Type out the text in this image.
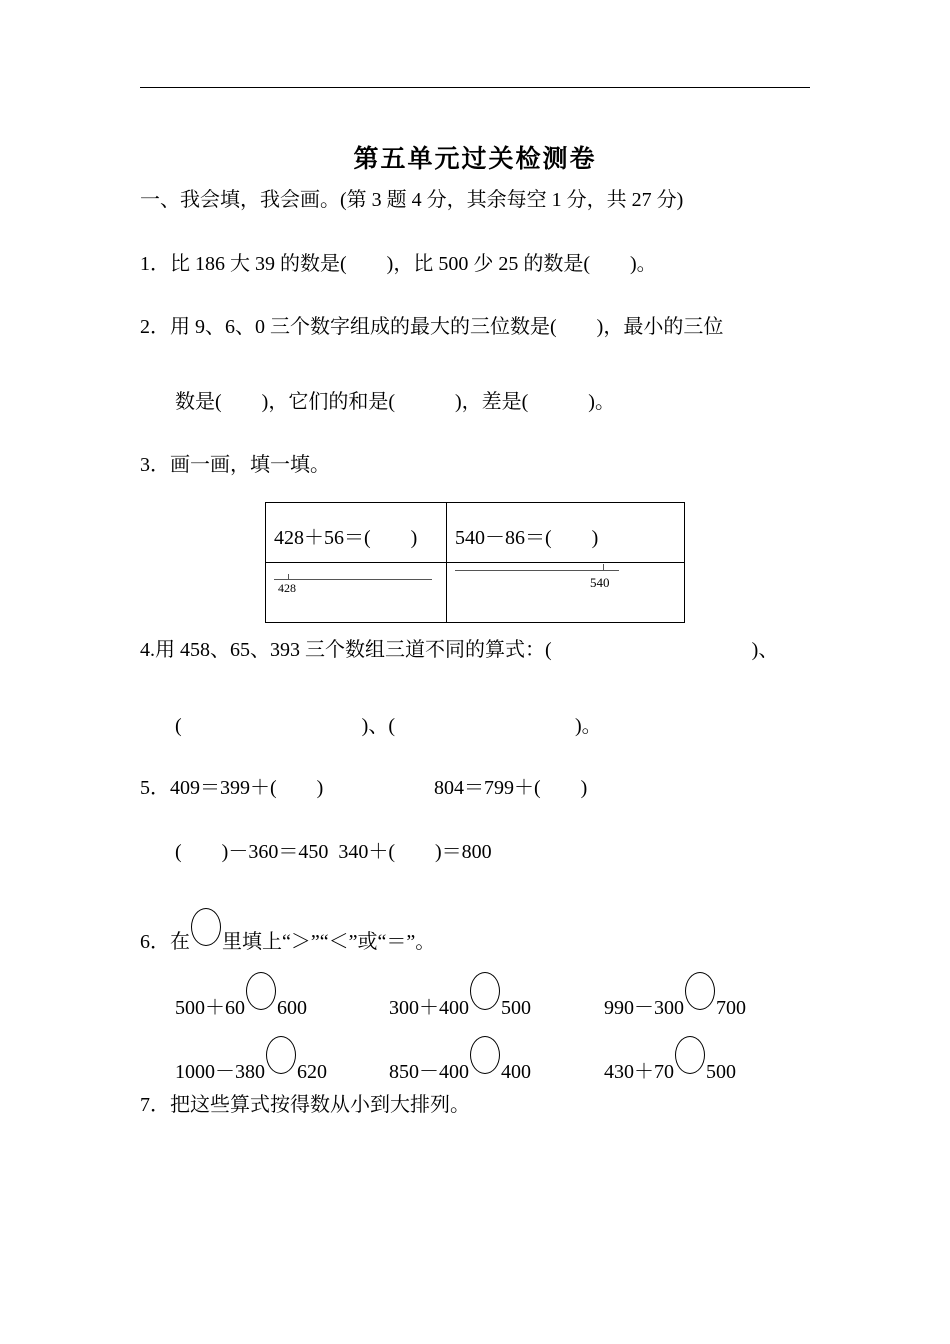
第五单元过关检测卷
一、我会填，我会画。(第 3 题 4 分，其余每空 1 分，共 27 分)
1．比 186 大 39 的数是(　　)，比 500 少 25 的数是(　　)。
2．用 9、6、0 三个数字组成的最大的三位数是(　　)，最小的三位
数是(　　)，它们的和是(　　　)，差是(　　　)。
3．画一画，填一填。
428＋56＝(　　)	540－86＝(　　)

428	540
4.用 458、65、393 三个数组三道不同的算式：(　　　　　　　　　　)、
(　　　　　　　　　)、(　　　　　　　　　)。
5．409＝399＋(　　)	804＝799＋(　　)
(　　)－360＝450  340＋(　　)＝800
6．在 里填上“＞”“＜”或“＝”。
500＋60 600	300＋400 500	990－300 700
1000－380 620	850－400 400	430＋70 500
7．把这些算式按得数从小到大排列。
